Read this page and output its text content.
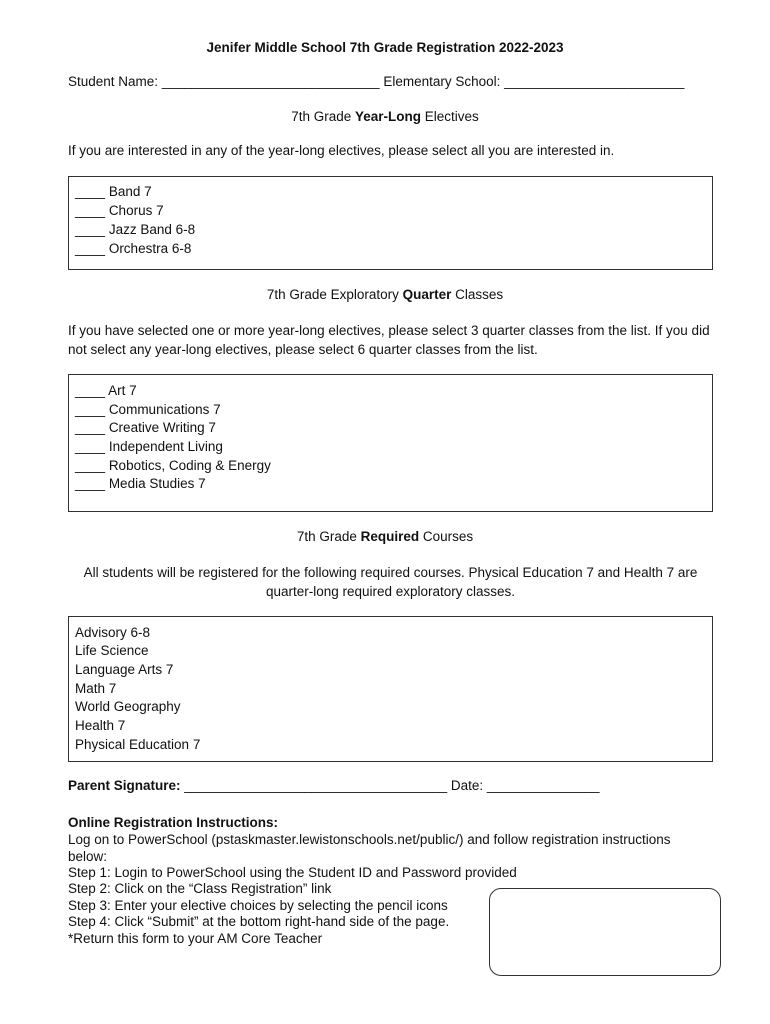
Jenifer Middle School 7th Grade Registration 2022-2023
Student Name: _____________________________ Elementary School: ________________________
7th Grade Year-Long Electives
If you are interested in any of the year-long electives, please select all you are interested in.
____ Band 7
____ Chorus 7
____ Jazz Band 6-8
____ Orchestra 6-8
7th Grade Exploratory Quarter Classes
If you have selected one or more year-long electives, please select 3 quarter classes from the list. If you did not select any year-long electives, please select 6 quarter classes from the list.
____ Art 7
____ Communications 7
____ Creative Writing 7
____ Independent Living
____ Robotics, Coding & Energy
____ Media Studies 7
7th Grade Required Courses
All students will be registered for the following required courses. Physical Education 7 and Health 7 are quarter-long required exploratory classes.
Advisory 6-8
Life Science
Language Arts 7
Math 7
World Geography
Health 7
Physical Education 7
Parent Signature: ___________________________________ Date: _______________
Online Registration Instructions:
Log on to PowerSchool (pstaskmaster.lewistonschools.net/public/) and follow registration instructions below:
Step 1: Login to PowerSchool using the Student ID and Password provided
Step 2: Click on the “Class Registration” link
Step 3: Enter your elective choices by selecting the pencil icons
Step 4: Click “Submit” at the bottom right-hand side of the page.
*Return this form to your AM Core Teacher
